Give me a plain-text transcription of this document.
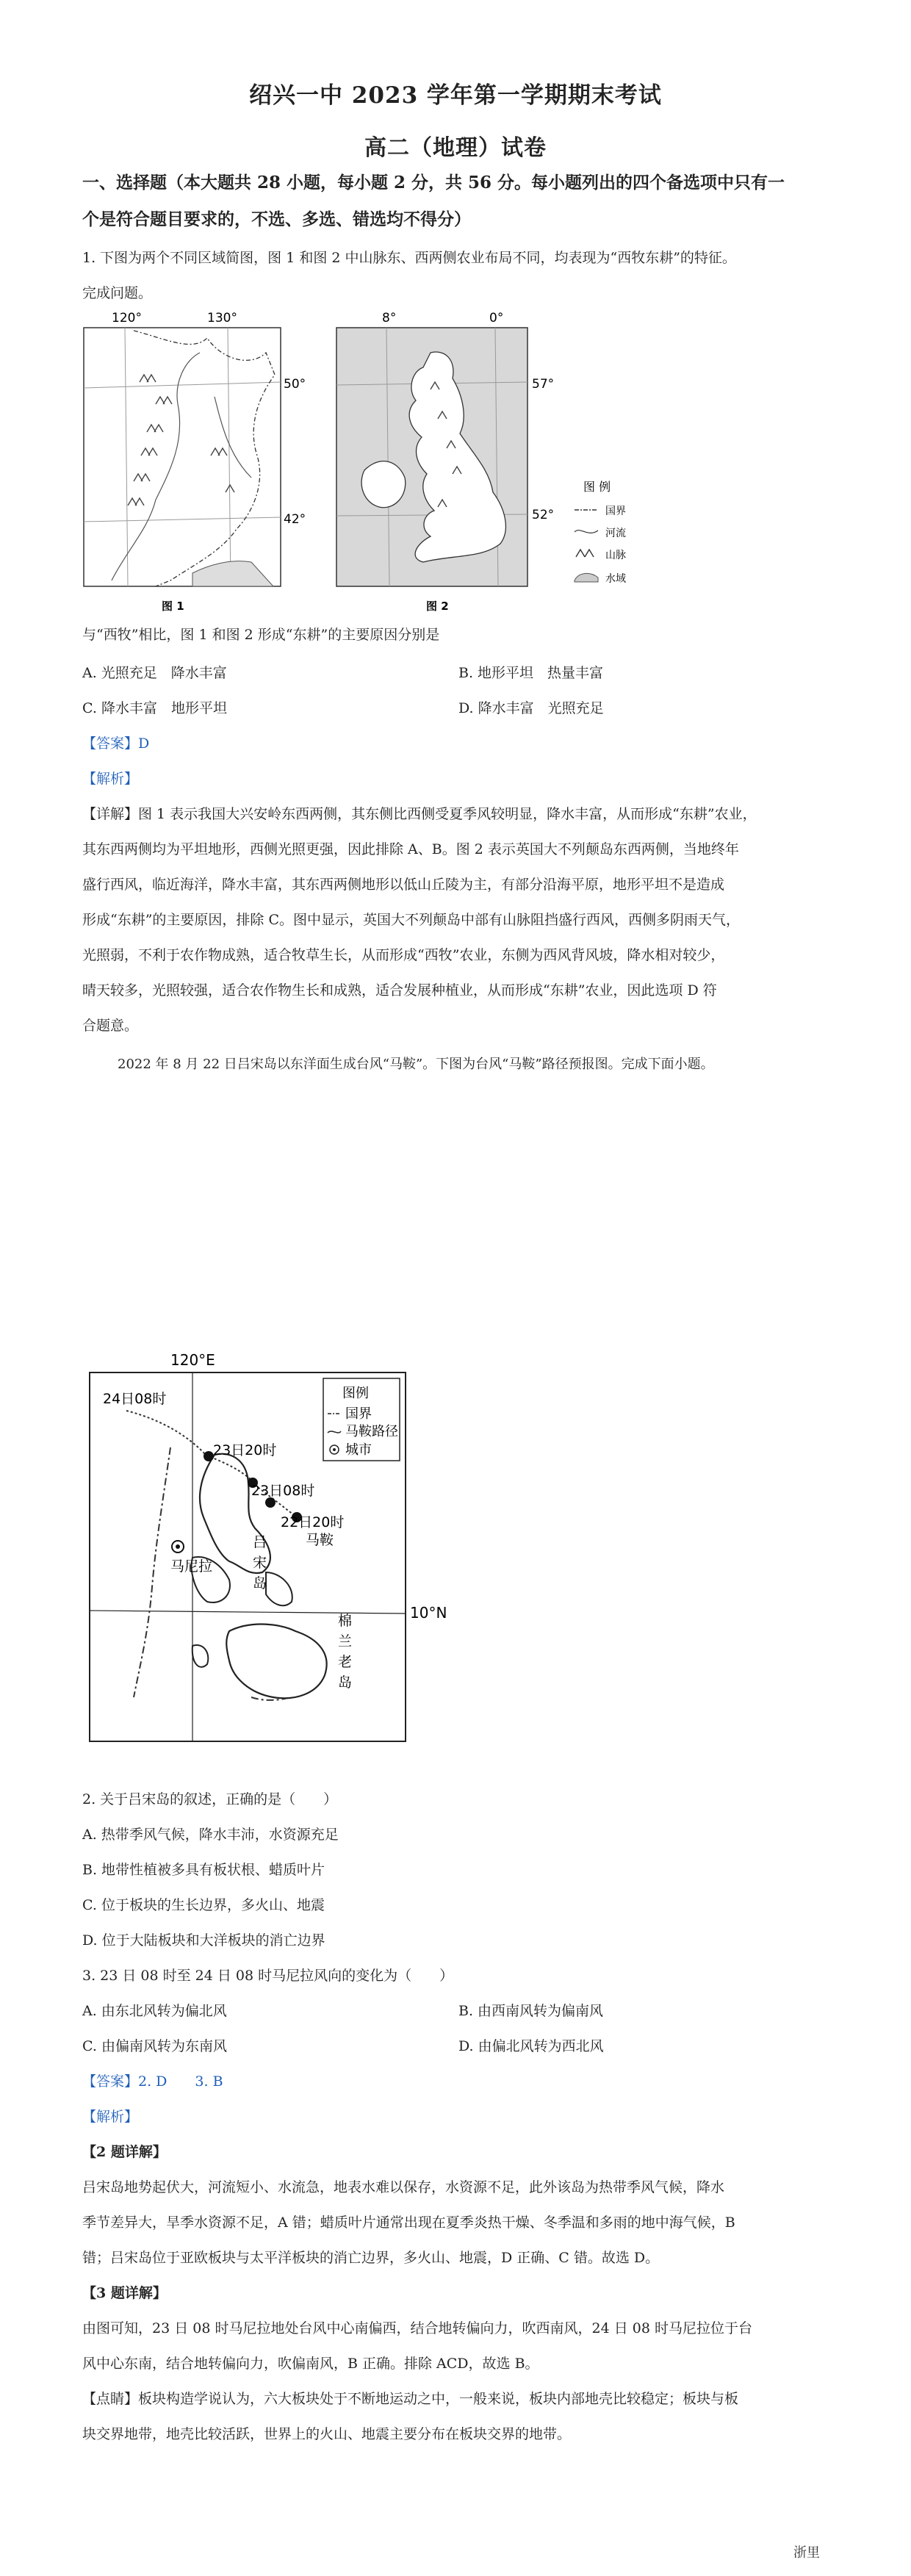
绍兴一中 2023 学年第一学期期末考试
高二（地理）试卷
一、选择题（本大题共 28 小题，每小题 2 分，共 56 分。每小题列出的四个备选项中只有一
个是符合题目要求的，不选、多选、错选均不得分）
1. 下图为两个不同区域简图，图 1 和图 2 中山脉东、西两侧农业布局不同，均表现为“西牧东耕”的特征。
完成问题。
120°	130°
50°
42°
图 1
8°	0°
57°
52°
图 2
图 例
国界
河流
山脉
水域
与“西牧”相比，图 1 和图 2 形成“东耕”的主要原因分别是
A. 光照充足　降水丰富	B. 地形平坦　热量丰富
C. 降水丰富　地形平坦	D. 降水丰富　光照充足
【答案】D
【解析】
【详解】图 1 表示我国大兴安岭东西两侧，其东侧比西侧受夏季风较明显，降水丰富，从而形成“东耕”农业，
其东西两侧均为平坦地形，西侧光照更强，因此排除 A、B。图 2 表示英国大不列颠岛东西两侧，当地终年
盛行西风，临近海洋，降水丰富，其东西两侧地形以低山丘陵为主，有部分沿海平原，地形平坦不是造成
形成“东耕”的主要原因，排除 C。图中显示，英国大不列颠岛中部有山脉阻挡盛行西风，西侧多阴雨天气，
光照弱，不利于农作物成熟，适合牧草生长，从而形成“西牧”农业，东侧为西风背风坡，降水相对较少，
晴天较多，光照较强，适合农作物生长和成熟，适合发展种植业，从而形成“东耕”农业，因此选项 D 符
合题意。
2022 年 8 月 22 日吕宋岛以东洋面生成台风“马鞍”。下图为台风“马鞍”路径预报图。完成下面小题。
120°E
10°N
24日08时
23日20时
23日08时
22日20时
马鞍
马尼拉
吕
宋
岛
棉
兰
老
岛
图例
国界
马鞍路径
城市
2. 关于吕宋岛的叙述，正确的是（　　）
A. 热带季风气候，降水丰沛，水资源充足
B. 地带性植被多具有板状根、蜡质叶片
C. 位于板块的生长边界，多火山、地震
D. 位于大陆板块和大洋板块的消亡边界
3. 23 日 08 时至 24 日 08 时马尼拉风向的变化为（　　）
A. 由东北风转为偏北风	B. 由西南风转为偏南风
C. 由偏南风转为东南风	D. 由偏北风转为西北风
【答案】2. D　　3. B
【解析】
【2 题详解】
吕宋岛地势起伏大，河流短小、水流急，地表水难以保存，水资源不足，此外该岛为热带季风气候，降水
季节差异大，旱季水资源不足，A 错；蜡质叶片通常出现在夏季炎热干燥、冬季温和多雨的地中海气候，B
错；吕宋岛位于亚欧板块与太平洋板块的消亡边界，多火山、地震，D 正确、C 错。故选 D。
【3 题详解】
由图可知，23 日 08 时马尼拉地处台风中心南偏西，结合地转偏向力，吹西南风，24 日 08 时马尼拉位于台
风中心东南，结合地转偏向力，吹偏南风，B 正确。排除 ACD，故选 B。
【点睛】板块构造学说认为，六大板块处于不断地运动之中，一般来说，板块内部地壳比较稳定；板块与板
块交界地带，地壳比较活跃，世界上的火山、地震主要分布在板块交界的地带。
浙里
